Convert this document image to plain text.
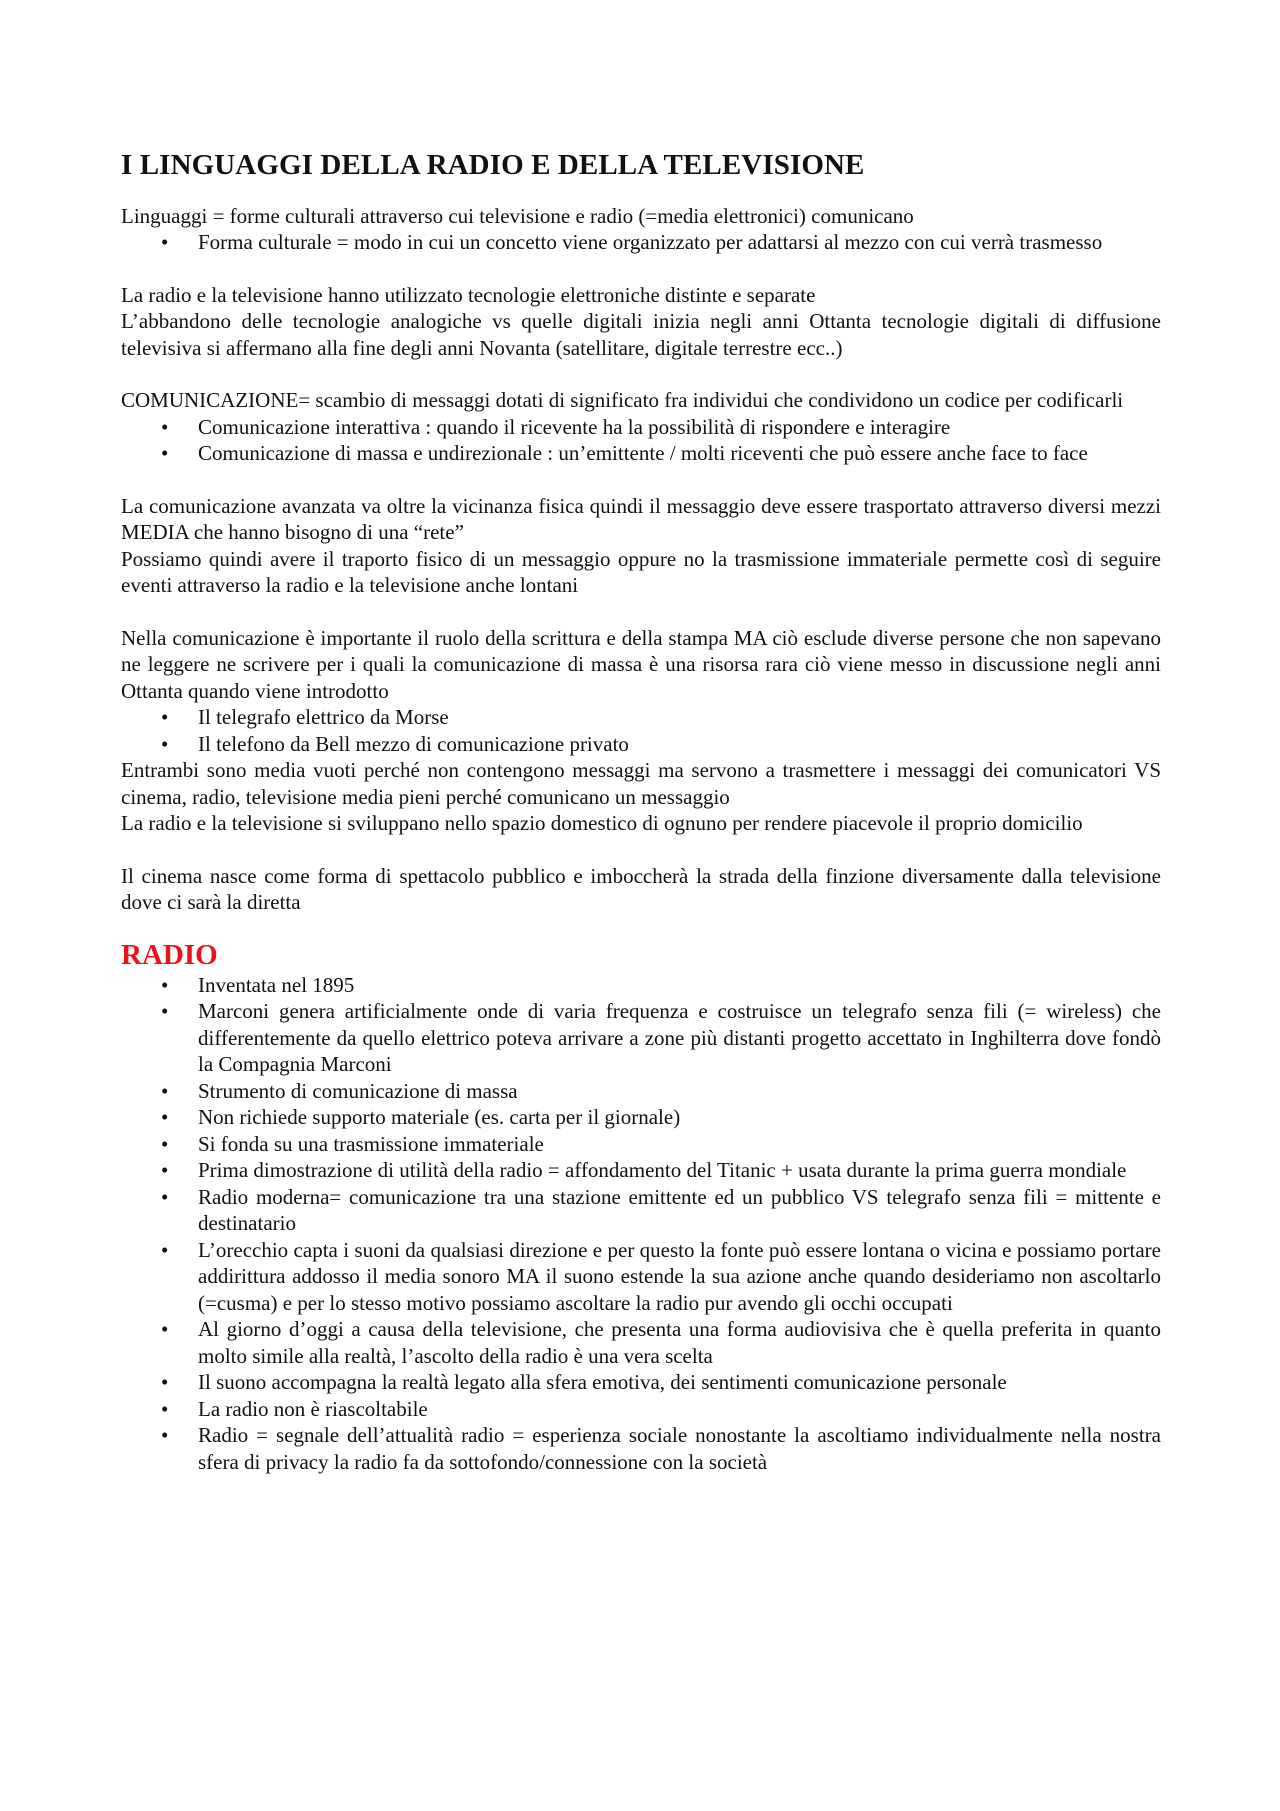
I LINGUAGGI DELLA RADIO E DELLA TELEVISIONE

Linguaggi = forme culturali attraverso cui televisione e radio (=media elettronici) comunicano

• Forma culturale = modo in cui un concetto viene organizzato per adattarsi al mezzo con cui verrà trasmesso

La radio e la televisione hanno utilizzato tecnologie elettroniche distinte e separate

L’abbandono delle tecnologie analogiche vs quelle digitali inizia negli anni Ottanta tecnologie digitali di diffusione televisiva si affermano alla fine degli anni Novanta (satellitare, digitale terrestre ecc..)

COMUNICAZIONE= scambio di messaggi dotati di significato fra individui che condividono un codice per codificarli

• Comunicazione interattiva : quando il ricevente ha la possibilità di rispondere e interagire
• Comunicazione di massa e undirezionale : un’emittente / molti riceventi che può essere anche face to face

La comunicazione avanzata va oltre la vicinanza fisica quindi il messaggio deve essere trasportato attraverso diversi mezzi MEDIA che hanno bisogno di una “rete”

Possiamo quindi avere il traporto fisico di un messaggio oppure no la trasmissione immateriale permette così di seguire eventi attraverso la radio e la televisione anche lontani

Nella comunicazione è importante il ruolo della scrittura e della stampa MA ciò esclude diverse persone che non sapevano ne leggere ne scrivere per i quali la comunicazione di massa è una risorsa rara ciò viene messo in discussione negli anni Ottanta quando viene introdotto

• Il telegrafo elettrico da Morse
• Il telefono da Bell mezzo di comunicazione privato

Entrambi sono media vuoti perché non contengono messaggi ma servono a trasmettere i messaggi dei comunicatori VS cinema, radio, televisione media pieni perché comunicano un messaggio

La radio e la televisione si sviluppano nello spazio domestico di ognuno per rendere piacevole il proprio domicilio

Il cinema nasce come forma di spettacolo pubblico e imboccherà la strada della finzione diversamente dalla televisione dove ci sarà la diretta

RADIO
• Inventata nel 1895
• Marconi genera artificialmente onde di varia frequenza e costruisce un telegrafo senza fili (= wireless) che differentemente da quello elettrico poteva arrivare a zone più distanti progetto accettato in Inghilterra dove fondò la Compagnia Marconi
• Strumento di comunicazione di massa
• Non richiede supporto materiale (es. carta per il giornale)
• Si fonda su una trasmissione immateriale
• Prima dimostrazione di utilità della radio = affondamento del Titanic + usata durante la prima guerra mondiale
• Radio moderna= comunicazione tra una stazione emittente ed un pubblico VS telegrafo senza fili = mittente e destinatario
• L’orecchio capta i suoni da qualsiasi direzione e per questo la fonte può essere lontana o vicina e possiamo portare addirittura addosso il media sonoro MA il suono estende la sua azione anche quando desideriamo non ascoltarlo (=cusma) e per lo stesso motivo possiamo ascoltare la radio pur avendo gli occhi occupati
• Al giorno d’oggi a causa della televisione, che presenta una forma audiovisiva che è quella preferita in quanto molto simile alla realtà, l’ascolto della radio è una vera scelta
• Il suono accompagna la realtà legato alla sfera emotiva, dei sentimenti comunicazione personale
• La radio non è riascoltabile
• Radio = segnale dell’attualità radio = esperienza sociale nonostante la ascoltiamo individualmente nella nostra sfera di privacy la radio fa da sottofondo/connessione con la società
